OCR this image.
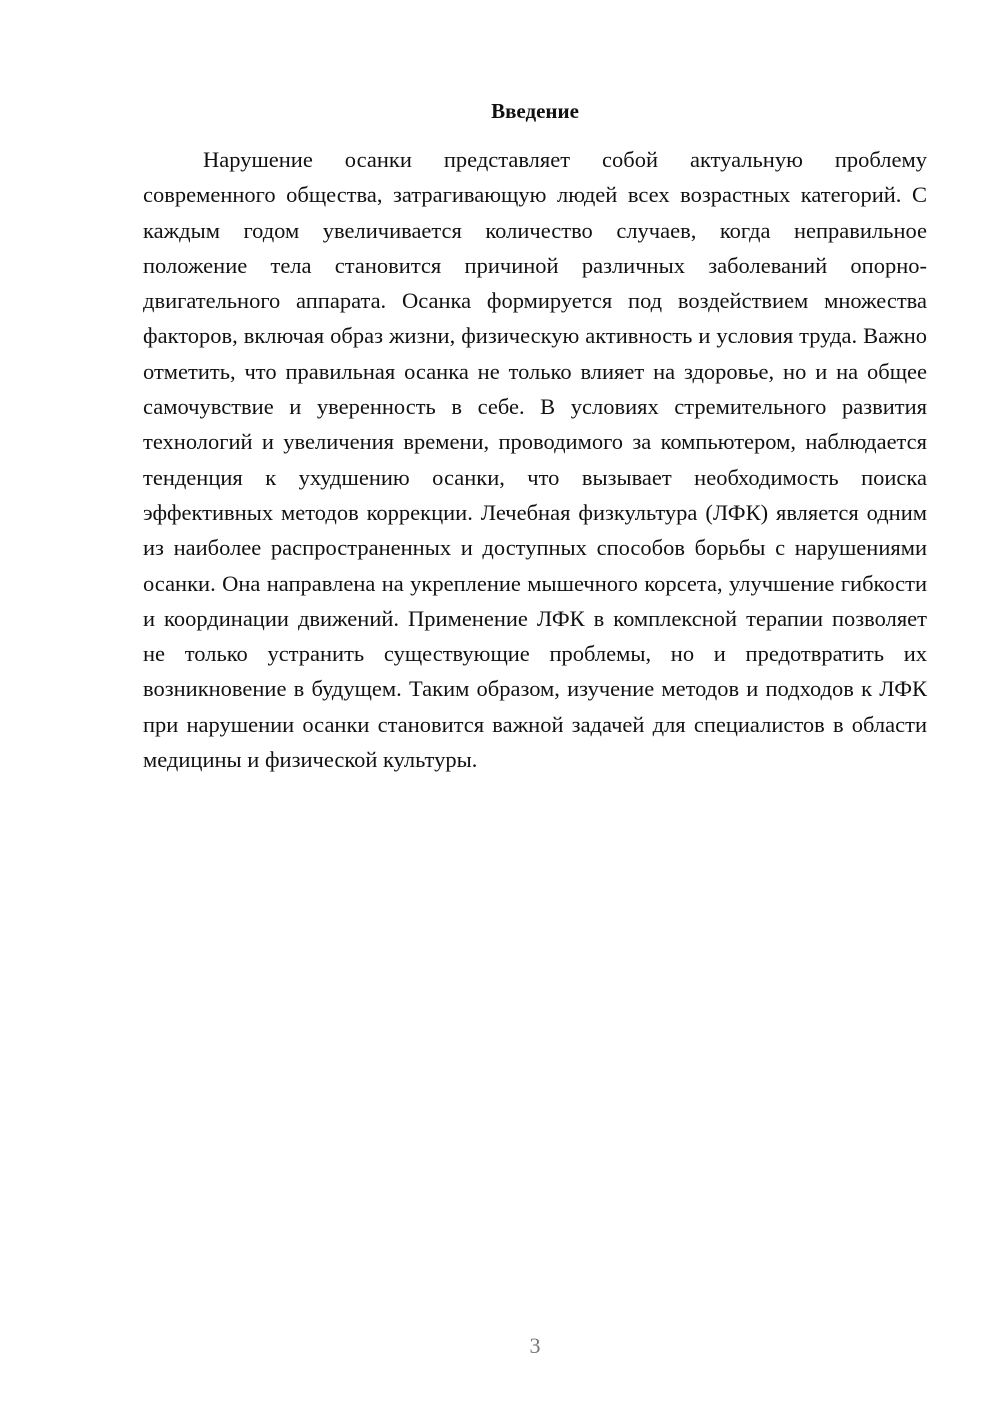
Введение

Нарушение осанки представляет собой актуальную проблему современного общества, затрагивающую людей всех возрастных категорий. С каждым годом увеличивается количество случаев, когда неправильное положение тела становится причиной различных заболеваний опорно-двигательного аппарата. Осанка формируется под воздействием множества факторов, включая образ жизни, физическую активность и условия труда. Важно отметить, что правильная осанка не только влияет на здоровье, но и на общее самочувствие и уверенность в себе. В условиях стремительного развития технологий и увеличения времени, проводимого за компьютером, наблюдается тенденция к ухудшению осанки, что вызывает необходимость поиска эффективных методов коррекции. Лечебная физкультура (ЛФК) является одним из наиболее распространенных и доступных способов борьбы с нарушениями осанки. Она направлена на укрепление мышечного корсета, улучшение гибкости и координации движений. Применение ЛФК в комплексной терапии позволяет не только устранить существующие проблемы, но и предотвратить их возникновение в будущем. Таким образом, изучение методов и подходов к ЛФК при нарушении осанки становится важной задачей для специалистов в области медицины и физической культуры.

3
